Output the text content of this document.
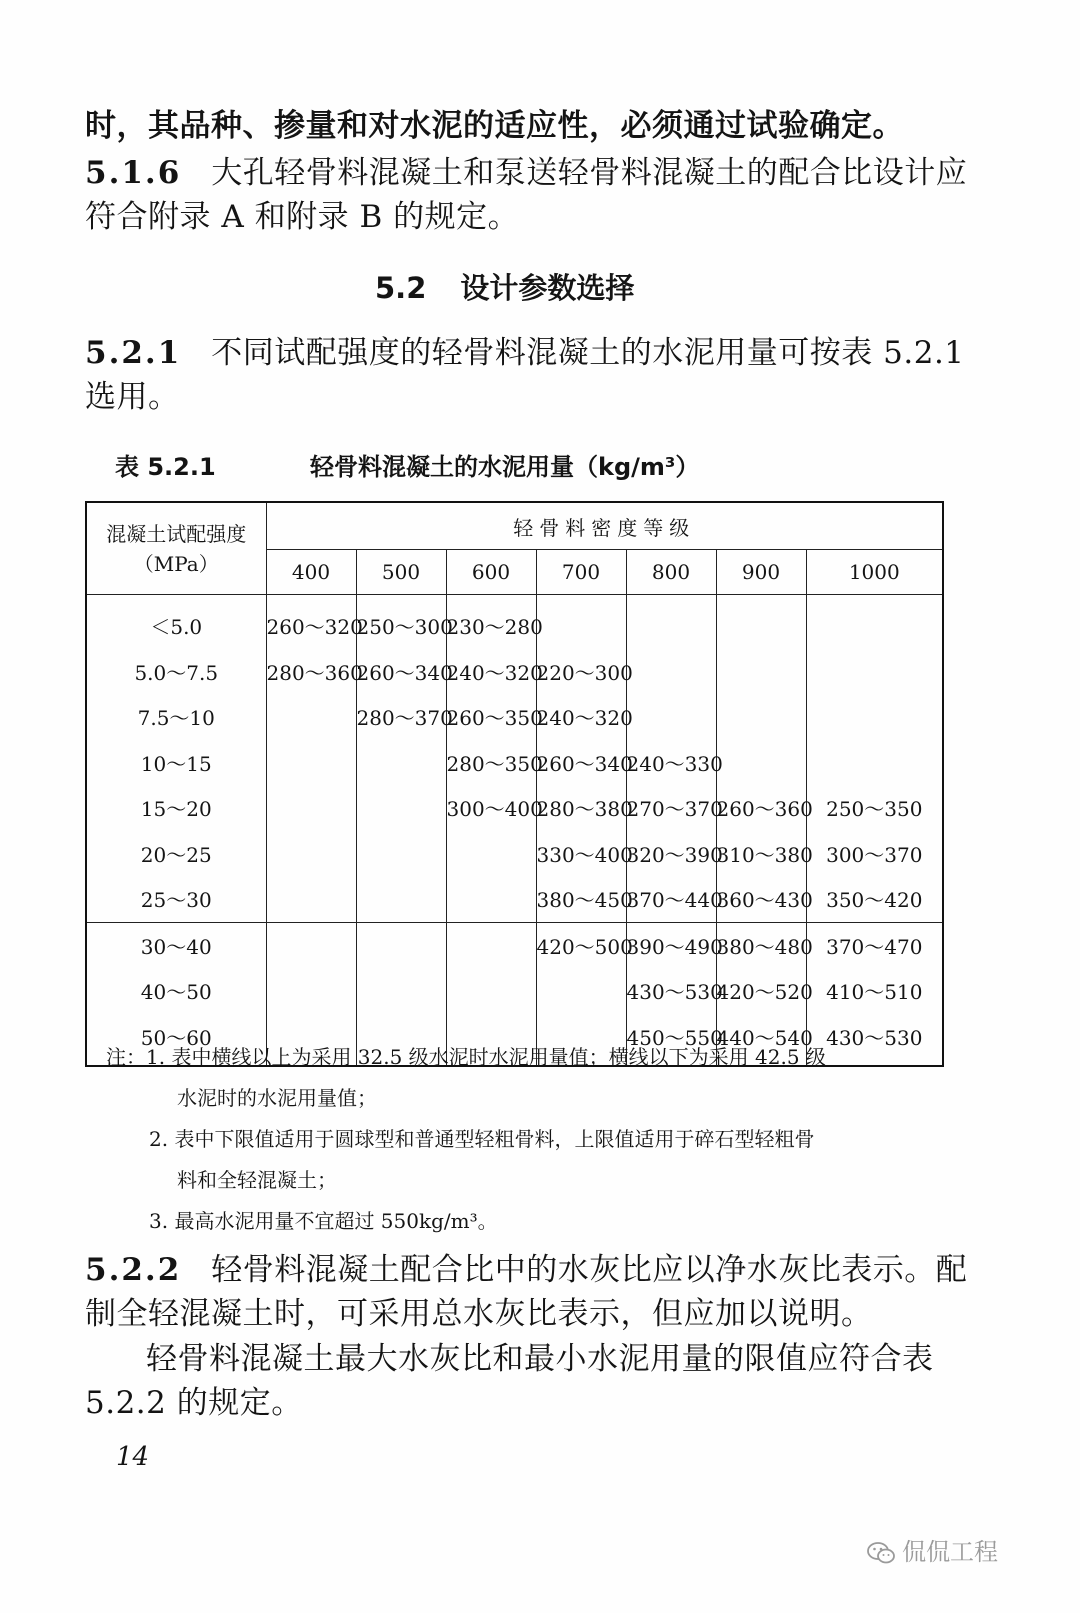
时，其品种、掺量和对水泥的适应性，必须通过试验确定。
5.1.6 大孔轻骨料混凝土和泵送轻骨料混凝土的配合比设计应
符合附录 A 和附录 B 的规定。
5.2 设计参数选择
5.2.1 不同试配强度的轻骨料混凝土的水泥用量可按表 5.2.1
选用。
表 5.2.1	轻骨料混凝土的水泥用量（kg/m³）
混凝土试配强度
（MPa）	轻骨料密度等级						
	400	500	600	700	800	900	1000
＜5.0	260～320	250～300	230～280				
5.0～7.5	280～360	260～340	240～320	220～300			
7.5～10		280～370	260～350	240～320			
10～15			280～350	260～340	240～330		
15～20			300～400	280～380	270～370	260～360	250～350
20～25				330～400	320～390	310～380	300～370
25～30				380～450	370～440	360～430	350～420
30～40				420～500	390～490	380～480	370～470
40～50					430～530	420～520	410～510
50～60					450～550	440～540	430～530
注：1. 表中横线以上为采用 32.5 级水泥时水泥用量值；横线以下为采用 42.5 级
水泥时的水泥用量值；
2. 表中下限值适用于圆球型和普通型轻粗骨料，上限值适用于碎石型轻粗骨
料和全轻混凝土；
3. 最高水泥用量不宜超过 550kg/m³。
5.2.2 轻骨料混凝土配合比中的水灰比应以净水灰比表示。配
制全轻混凝土时，可采用总水灰比表示，但应加以说明。
轻骨料混凝土最大水灰比和最小水泥用量的限值应符合表
5.2.2 的规定。
14
侃侃工程
